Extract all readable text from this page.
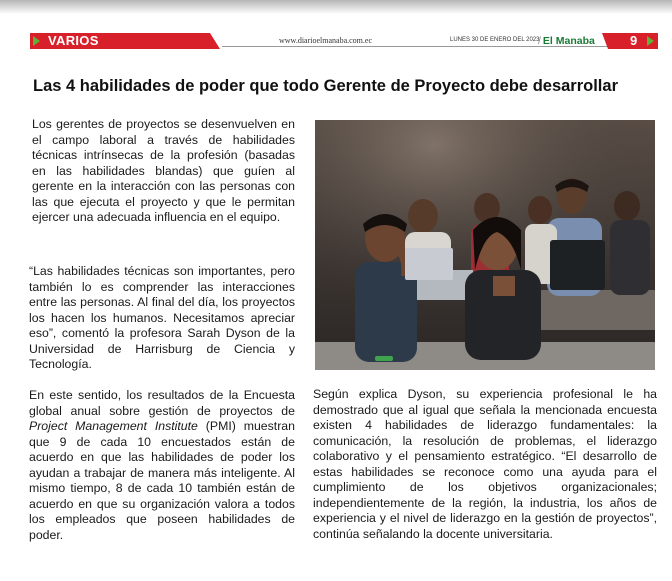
VARIOS	www.diarioelmanaba.com.ec	LUNES 30 DE ENERO DEL 2023
/ El Manaba	9
Las 4 habilidades de poder que todo Gerente de Proyecto debe desarrollar

Los gerentes de proyectos se desenvuelven en el campo laboral a través de habilidades técnicas intrínsecas de la profesión (basadas en las habilidades blandas) que guíen al gerente en la interacción con las personas con las que ejecuta el proyecto y que le permitan ejercer una adecuada influencia en el equipo.

“Las habilidades técnicas son importantes, pero también lo es comprender las interacciones entre las personas. Al final del día, los proyectos los hacen los humanos. Necesitamos apreciar eso”, comentó la profesora Sarah Dyson de la Universidad de Harrisburg de Ciencia y Tecnología.

En este sentido, los resultados de la Encuesta global anual sobre gestión de proyectos de Project Management Institute (PMI) muestran que 9 de cada 10 encuestados están de acuerdo en que las habilidades de poder los ayudan a trabajar de manera más inteligente. Al mismo tiempo, 8 de cada 10 también están de acuerdo en que su organización valora a todos los empleados que poseen habilidades de poder.

Según explica Dyson, su experiencia profesional le ha demostrado que al igual que señala la mencionada encuesta existen 4 habilidades de liderazgo fundamentales: la comunicación, la resolución de problemas, el liderazgo colaborativo y el pensamiento estratégico. “El desarrollo de estas habilidades se reconoce como una ayuda para el cumplimiento de los objetivos organizacionales; independientemente de la región, la industria, los años de experiencia y el nivel de liderazgo en la gestión de proyectos”, continúa señalando la docente universitaria.
